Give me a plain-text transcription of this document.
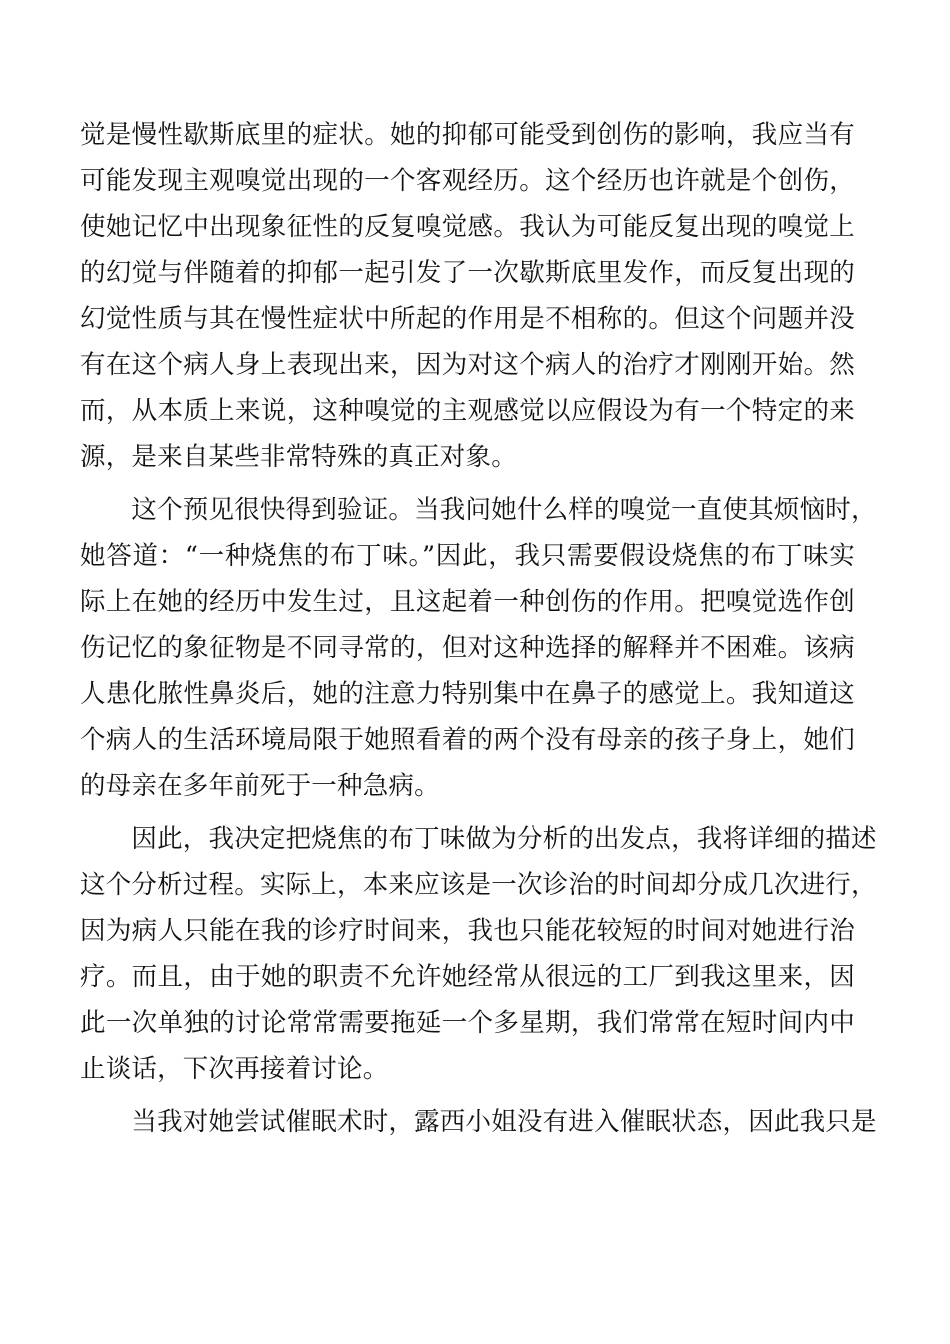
觉是慢性歇斯底里的症状。她的抑郁可能受到创伤的影响，我应当有
可能发现主观嗅觉出现的一个客观经历。这个经历也许就是个创伤，
使她记忆中出现象征性的反复嗅觉感。我认为可能反复出现的嗅觉上
的幻觉与伴随着的抑郁一起引发了一次歇斯底里发作，而反复出现的
幻觉性质与其在慢性症状中所起的作用是不相称的。但这个问题并没
有在这个病人身上表现出来，因为对这个病人的治疗才刚刚开始。然
而，从本质上来说，这种嗅觉的主观感觉以应假设为有一个特定的来
源，是来自某些非常特殊的真正对象。
　　这个预见很快得到验证。当我问她什么样的嗅觉一直使其烦恼时，
她答道：“一种烧焦的布丁味。”因此，我只需要假设烧焦的布丁味实
际上在她的经历中发生过，且这起着一种创伤的作用。把嗅觉选作创
伤记忆的象征物是不同寻常的，但对这种选择的解释并不困难。该病
人患化脓性鼻炎后，她的注意力特别集中在鼻子的感觉上。我知道这
个病人的生活环境局限于她照看着的两个没有母亲的孩子身上，她们
的母亲在多年前死于一种急病。
　　因此，我决定把烧焦的布丁味做为分析的出发点，我将详细的描述
这个分析过程。实际上，本来应该是一次诊治的时间却分成几次进行，
因为病人只能在我的诊疗时间来，我也只能花较短的时间对她进行治
疗。而且，由于她的职责不允许她经常从很远的工厂到我这里来，因
此一次单独的讨论常常需要拖延一个多星期，我们常常在短时间内中
止谈话，下次再接着讨论。
　　当我对她尝试催眠术时，露西小姐没有进入催眠状态，因此我只是
